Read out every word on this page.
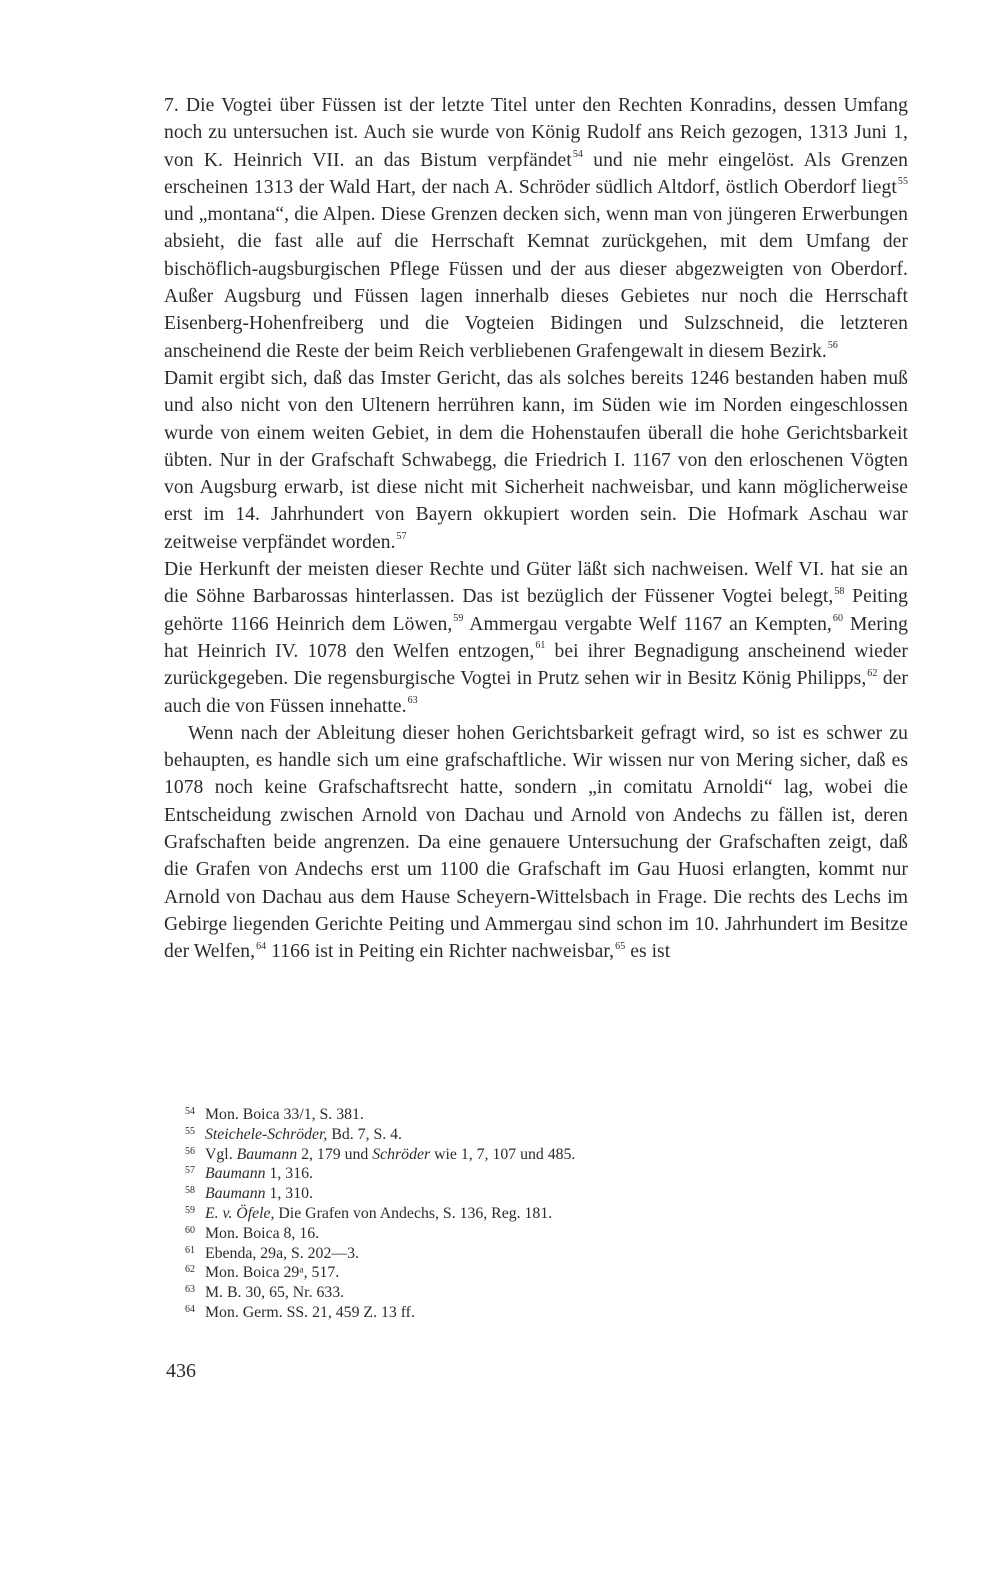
7. Die Vogtei über Füssen ist der letzte Titel unter den Rechten Konradins, dessen Umfang noch zu untersuchen ist. Auch sie wurde von König Rudolf ans Reich gezogen, 1313 Juni 1, von K. Heinrich VII. an das Bistum verpfändet$^{54}$ und nie mehr eingelöst. Als Grenzen erscheinen 1313 der Wald Hart, der nach A. Schröder südlich Altdorf, östlich Oberdorf liegt$^{55}$ und „montana“, die Alpen. Diese Grenzen decken sich, wenn man von jüngeren Erwerbungen absieht, die fast alle auf die Herrschaft Kemnat zurückgehen, mit dem Umfang der bischöflich-augsburgischen Pflege Füssen und der aus dieser abgezweigten von Oberdorf. Außer Augsburg und Füssen lagen innerhalb dieses Gebietes nur noch die Herrschaft Eisenberg-Hohenfreiberg und die Vogteien Bidingen und Sulzschneid, die letzteren anscheinend die Reste der beim Reich verbliebenen Grafengewalt in diesem Bezirk.$^{56}$

Damit ergibt sich, daß das Imster Gericht, das als solches bereits 1246 bestanden haben muß und also nicht von den Ultenern herrühren kann, im Süden wie im Norden eingeschlossen wurde von einem weiten Gebiet, in dem die Hohenstaufen überall die hohe Gerichtsbarkeit übten. Nur in der Grafschaft Schwabegg, die Friedrich I. 1167 von den erloschenen Vögten von Augsburg erwarb, ist diese nicht mit Sicherheit nachweisbar, und kann möglicherweise erst im 14. Jahrhundert von Bayern okkupiert worden sein. Die Hofmark Aschau war zeitweise verpfändet worden.$^{57}$

Die Herkunft der meisten dieser Rechte und Güter läßt sich nachweisen. Welf VI. hat sie an die Söhne Barbarossas hinterlassen. Das ist bezüglich der Füssener Vogtei belegt,$^{58}$ Peiting gehörte 1166 Heinrich dem Löwen,$^{59}$ Ammergau vergabte Welf 1167 an Kempten,$^{60}$ Mering hat Heinrich IV. 1078 den Welfen entzogen,$^{61}$ bei ihrer Begnadigung anscheinend wieder zurückgegeben. Die regensburgische Vogtei in Prutz sehen wir in Besitz König Philipps,$^{62}$ der auch die von Füssen innehatte.$^{63}$

Wenn nach der Ableitung dieser hohen Gerichtsbarkeit gefragt wird, so ist es schwer zu behaupten, es handle sich um eine grafschaftliche. Wir wissen nur von Mering sicher, daß es 1078 noch keine Grafschaftsrecht hatte, sondern „in comitatu Arnoldi“ lag, wobei die Entscheidung zwischen Arnold von Dachau und Arnold von Andechs zu fällen ist, deren Grafschaften beide angrenzen. Da eine genauere Untersuchung der Grafschaften zeigt, daß die Grafen von Andechs erst um 1100 die Grafschaft im Gau Huosi erlangten, kommt nur Arnold von Dachau aus dem Hause Scheyern-Wittelsbach in Frage. Die rechts des Lechs im Gebirge liegenden Gerichte Peiting und Ammergau sind schon im 10. Jahrhundert im Besitze der Welfen,$^{64}$ 1166 ist in Peiting ein Richter nachweisbar,$^{65}$ es ist

54 Mon. Boica 33/1, S. 381.
55 Steichele-Schröder, Bd. 7, S. 4.
56 Vgl. Baumann 2, 179 und Schröder wie 1, 7, 107 und 485.
57 Baumann 1, 316.
58 Baumann 1, 310.
59 E. v. Öfele, Die Grafen von Andechs, S. 136, Reg. 181.
60 Mon. Boica 8, 16.
61 Ebenda, 29a, S. 202—3.
62 Mon. Boica 29ᵃ, 517.
63 M. B. 30, 65, Nr. 633.
64 Mon. Germ. SS. 21, 459 Z. 13 ff.
436
